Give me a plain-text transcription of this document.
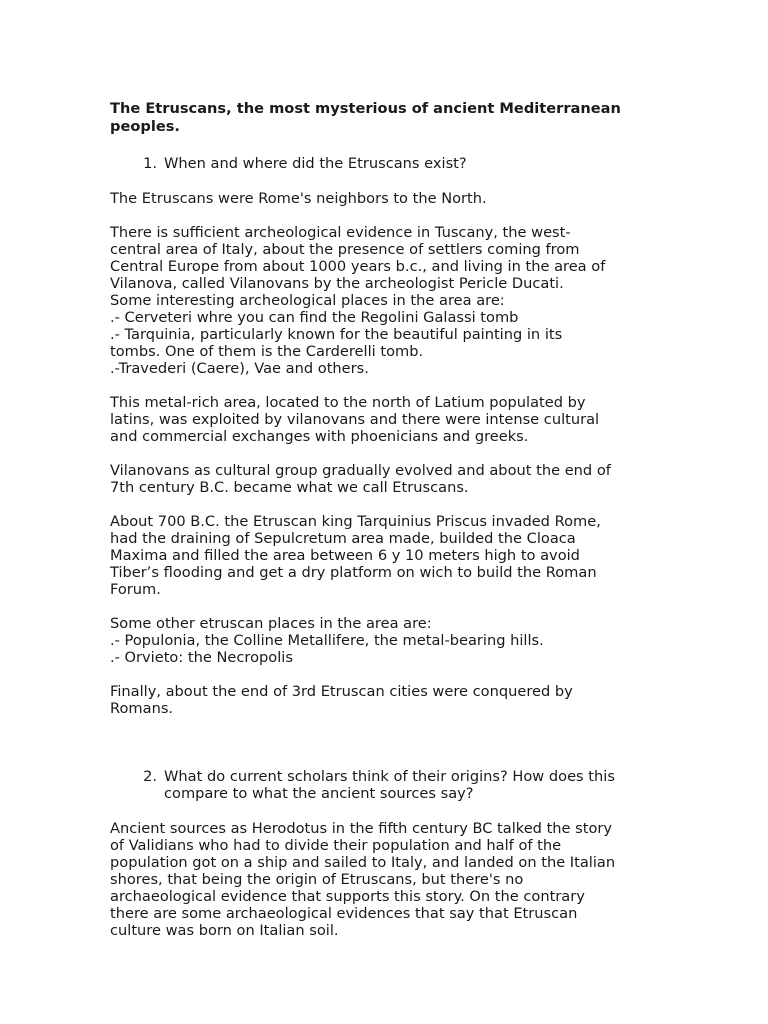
The Etruscans, the most mysterious of ancient Mediterranean
peoples.
1. When and where did the Etruscans exist?
The Etruscans were Rome's neighbors to the North.
There is sufficient archeological evidence in Tuscany, the west-
central area of Italy, about the presence of settlers coming from
Central Europe from about 1000 years b.c., and living in the area of
Vilanova, called Vilanovans by the archeologist Pericle Ducati.
Some interesting archeological places in the area are:
.- Cerveteri whre you can find the Regolini Galassi tomb
.- Tarquinia, particularly known for the beautiful painting in its
tombs. One of them is the Carderelli tomb.
.-Travederi (Caere), Vae and others.
This metal-rich area, located to the north of Latium populated by
latins, was exploited by vilanovans and there were intense cultural
and commercial exchanges with phoenicians and greeks.
Vilanovans as cultural group gradually evolved and about the end of
7th century B.C. became what we call Etruscans.
About 700 B.C. the Etruscan king Tarquinius Priscus invaded Rome,
had the draining of Sepulcretum area made, builded the Cloaca
Maxima and filled the area between 6 y 10 meters high to avoid
Tiber’s flooding and get a dry platform on wich to build the Roman
Forum.
Some other etruscan places in the area are:
.- Populonia, the Colline Metallifere, the metal-bearing hills.
.- Orvieto: the Necropolis
Finally, about the end of 3rd Etruscan cities were conquered by
Romans.
2. What do current scholars think of their origins? How does this
compare to what the ancient sources say?
Ancient sources as Herodotus in the fifth century BC talked the story
of Validians who had to divide their population and half of the
population got on a ship and sailed to Italy, and landed on the Italian
shores, that being the origin of Etruscans, but there's no
archaeological evidence that supports this story. On the contrary
there are some archaeological evidences that say that Etruscan
culture was born on Italian soil.
